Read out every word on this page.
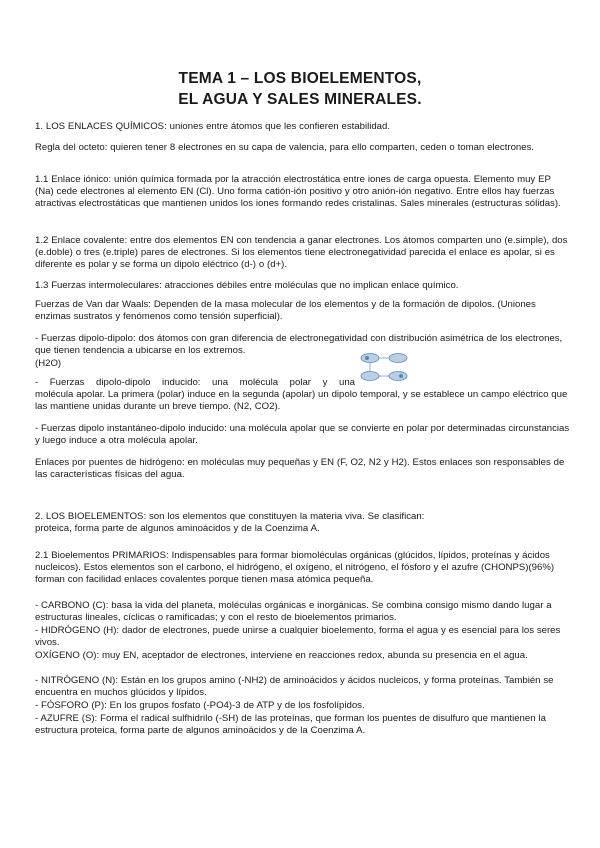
TEMA 1 – LOS BIOELEMENTOS,
EL AGUA Y SALES MINERALES.

1. LOS ENLACES QUÍMICOS: uniones entre átomos que les confieren estabilidad.

Regla del octeto: quieren tener 8 electrones en su capa de valencia, para ello comparten, ceden o toman electrones.

1.1 Enlace iónico: unión química formada por la atracción electrostática entre iones de carga opuesta. Elemento muy EP (Na) cede electrones al elemento EN (Cl). Uno forma catión-ión positivo y otro anión-ión negativo. Entre ellos hay fuerzas atractivas electrostáticas que mantienen unidos los iones formando redes cristalinas. Sales minerales (estructuras sólidas).

1.2 Enlace covalente: entre dos elementos EN con tendencia a ganar electrones. Los átomos comparten uno (e.simple), dos (e.doble) o tres (e.triple) pares de electrones. Si los elementos tiene electronegatividad parecida el enlace es apolar, si es diferente es polar y se forma un dipolo eléctrico (d-) o (d+).

1.3 Fuerzas intermoleculares: atracciones débiles entre moléculas que no implican enlace químico.

Fuerzas de Van dar Waals: Dependen de la masa molecular de los elementos y de la formación de dipolos. (Uniones enzimas sustratos y fenómenos como tensión superficial).

- Fuerzas dipolo-dipolo: dos átomos con gran diferencia de electronegatividad con distribución asimétrica de los electrones, que tienen tendencia a ubicarse en los extremos.

(H2O)

- Fuerzas dipolo-dipolo inducido: una molécula polar y una

molécula apolar. La primera (polar) induce en la segunda (apolar) un dipolo temporal, y se establece un campo eléctrico que las mantiene unidas durante un breve tiempo. (N2, CO2).

- Fuerzas dipolo instantáneo-dipolo inducido: una molécula apolar que se convierte en polar por determinadas circunstancias y luego induce a otra molécula apolar.

Enlaces por puentes de hidrógeno: en moléculas muy pequeñas y EN (F, O2, N2 y H2). Estos enlaces son responsables de las características físicas del agua.

2. LOS BIOELEMENTOS: son los elementos que constituyen la materia viva. Se clasifican:

proteica, forma parte de algunos aminoácidos y de la Coenzima A.

2.1 Bioelementos PRIMARIOS: Indispensables para formar biomoléculas orgánicas (glúcidos, lípidos, proteínas y ácidos nucleicos). Estos elementos son el carbono, el hidrógeno, el oxígeno, el nitrógeno, el fósforo y el azufre (CHONPS)(96%) forman con facilidad enlaces covalentes porque tienen masa atómica pequeña.

- CARBONO (C): basa la vida del planeta, moléculas orgánicas e inorgánicas. Se combina consigo mismo dando lugar a estructuras lineales, cíclicas o ramificadas; y con el resto de bioelementos primarios.

- HIDRÓGENO (H): dador de electrones, puede unirse a cualquier bioelemento, forma el agua y es esencial para los seres vivos.

OXÍGENO (O): muy EN, aceptador de electrones, interviene en reacciones redox, abunda su presencia en el agua.

- NITRÓGENO (N): Están en los grupos amino (-NH2) de aminoácidos y ácidos nucleicos, y forma proteínas. También se encuentra en muchos glúcidos y lípidos.

- FÓSFORO (P): En los grupos fosfato (-PO4)-3 de ATP y de los fosfolípidos.

- AZUFRE (S): Forma el radical sulfhidrilo (-SH) de las proteínas, que forman los puentes de disulfuro que mantienen la estructura proteica, forma parte de algunos aminoácidos y de la Coenzima A.
